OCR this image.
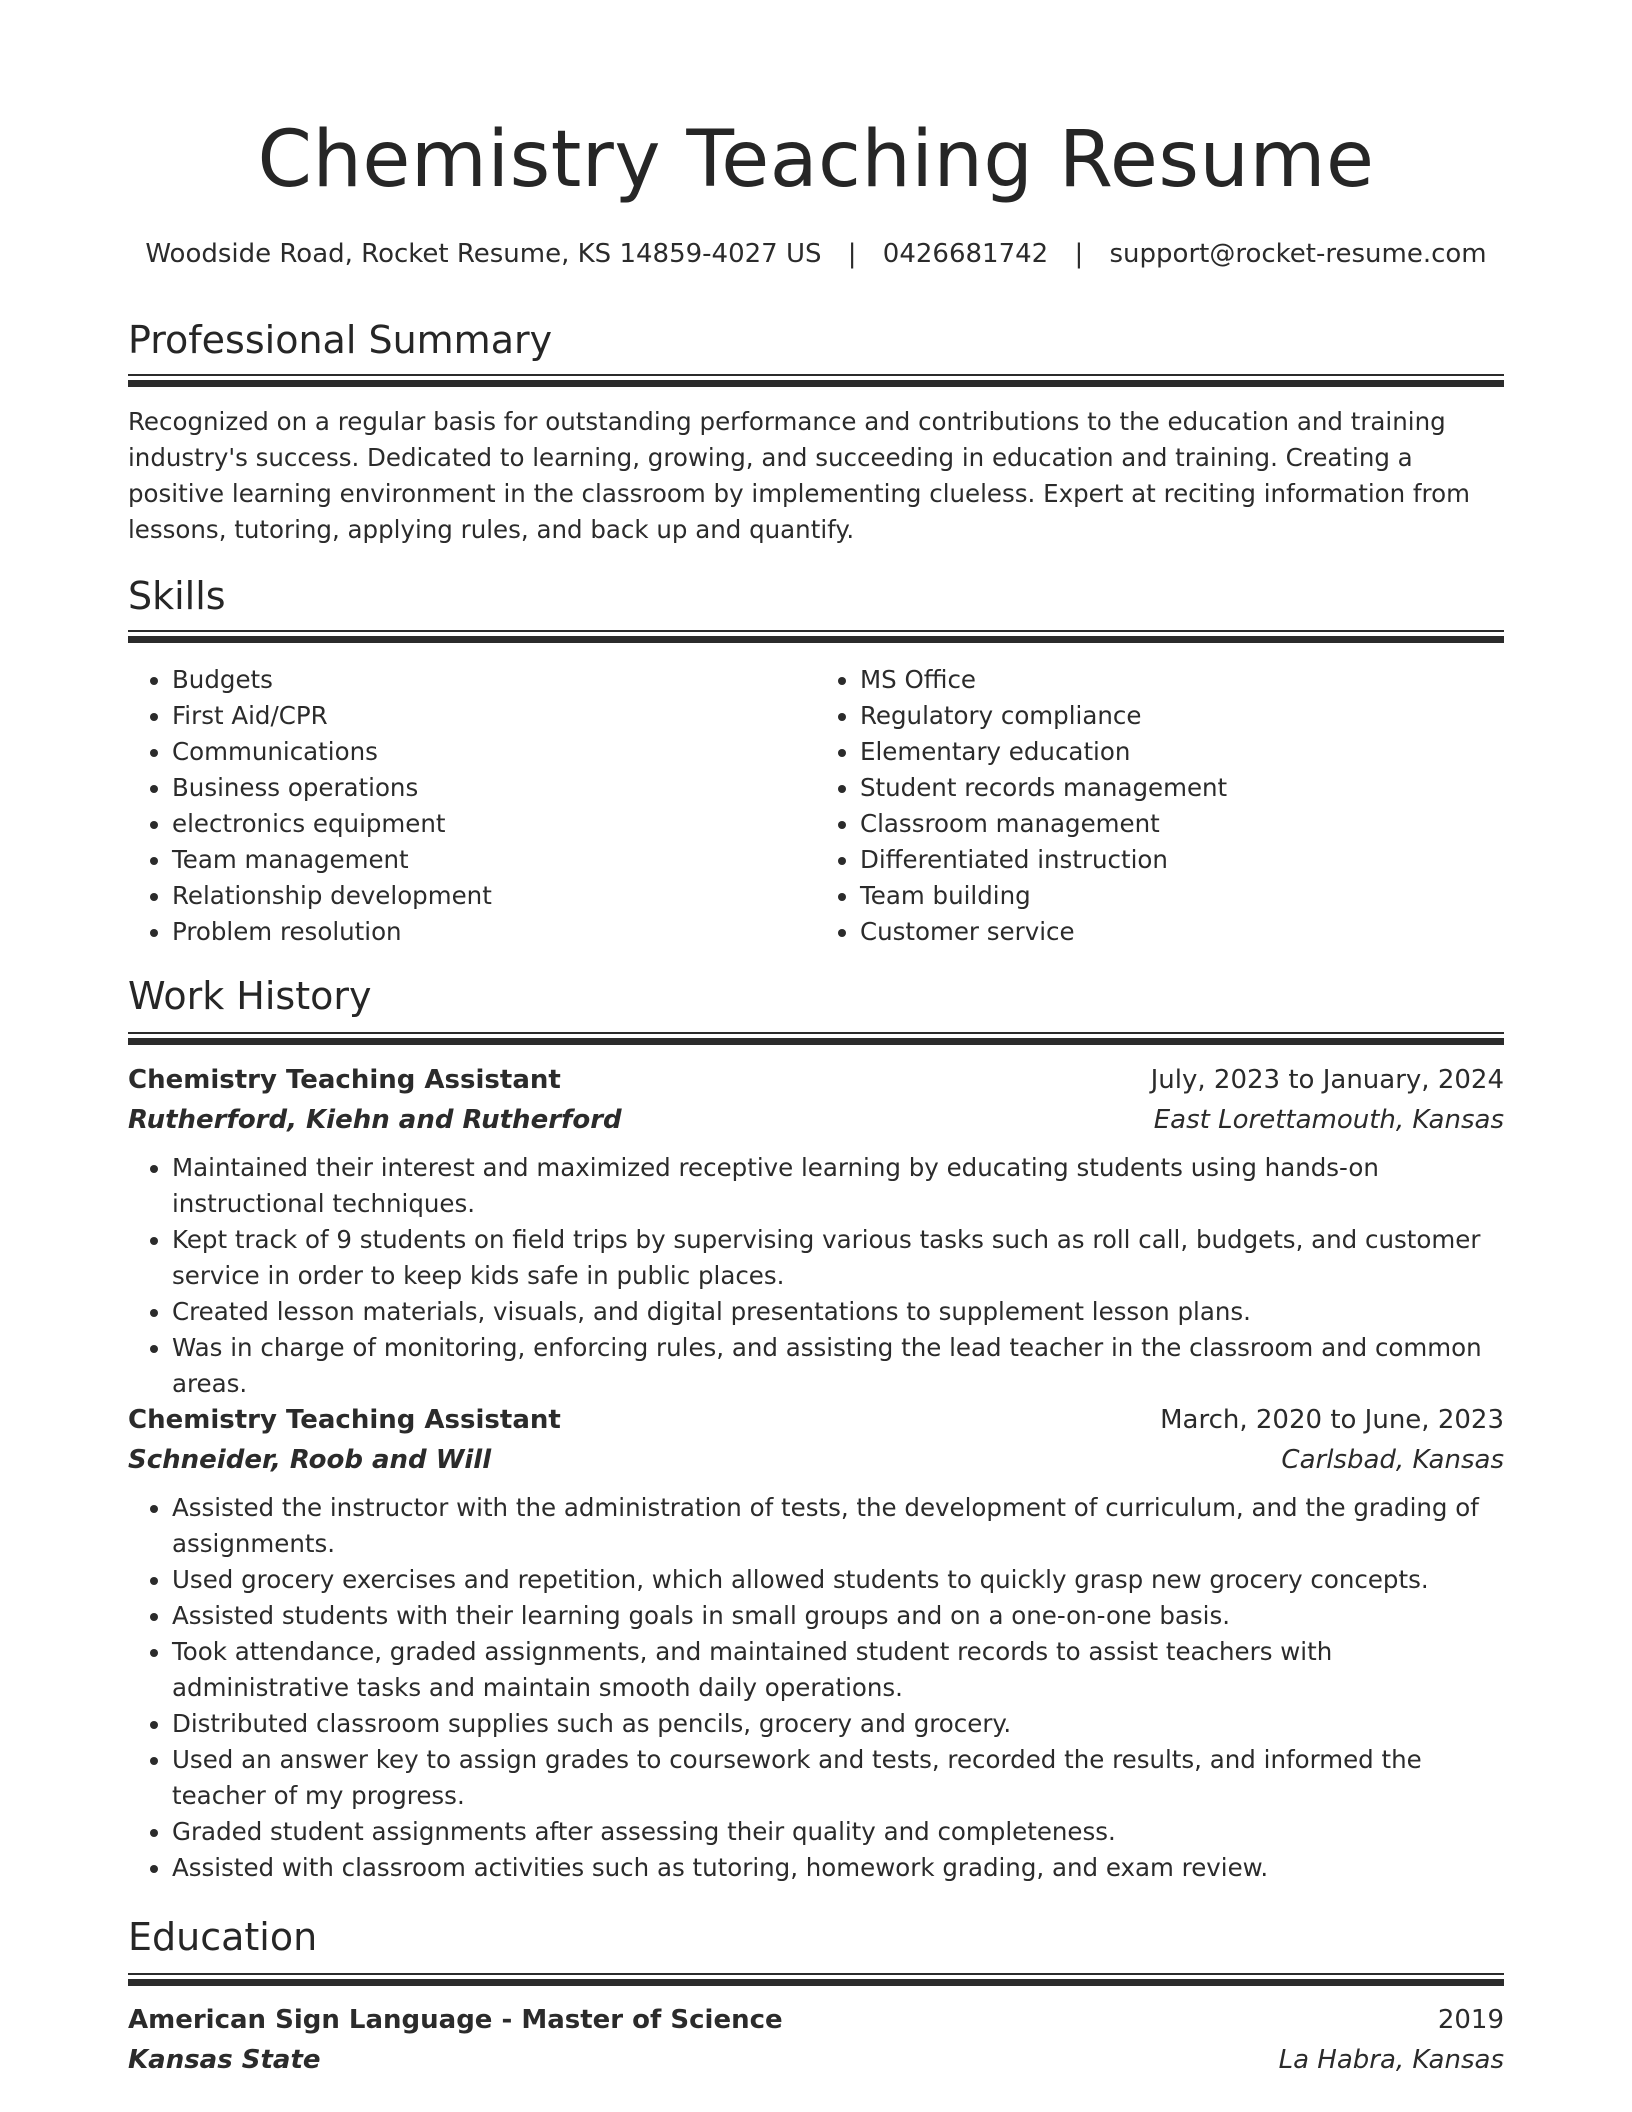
Chemistry Teaching Resume
Woodside Road, Rocket Resume, KS 14859-4027 US | 0426681742 | support@rocket-resume.com
Professional Summary

Recognized on a regular basis for outstanding performance and contributions to the education and training industry's success. Dedicated to learning, growing, and succeeding in education and training. Creating a positive learning environment in the classroom by implementing clueless. Expert at reciting information from lessons, tutoring, applying rules, and back up and quantify.

Skills
• Budgets
• First Aid/CPR
• Communications
• Business operations
• electronics equipment
• Team management
• Relationship development
• Problem resolution
• MS Office
• Regulatory compliance
• Elementary education
• Student records management
• Classroom management
• Differentiated instruction
• Team building
• Customer service
Work History
Chemistry Teaching Assistant	July, 2023 to January, 2024
Rutherford, Kiehn and Rutherford	East Lorettamouth, Kansas
• Maintained their interest and maximized receptive learning by educating students using hands-on instructional techniques.
• Kept track of 9 students on field trips by supervising various tasks such as roll call, budgets, and customer service in order to keep kids safe in public places.
• Created lesson materials, visuals, and digital presentations to supplement lesson plans.
• Was in charge of monitoring, enforcing rules, and assisting the lead teacher in the classroom and common areas.
Chemistry Teaching Assistant	March, 2020 to June, 2023
Schneider, Roob and Will	Carlsbad, Kansas
• Assisted the instructor with the administration of tests, the development of curriculum, and the grading of assignments.
• Used grocery exercises and repetition, which allowed students to quickly grasp new grocery concepts.
• Assisted students with their learning goals in small groups and on a one-on-one basis.
• Took attendance, graded assignments, and maintained student records to assist teachers with administrative tasks and maintain smooth daily operations.
• Distributed classroom supplies such as pencils, grocery and grocery.
• Used an answer key to assign grades to coursework and tests, recorded the results, and informed the teacher of my progress.
• Graded student assignments after assessing their quality and completeness.
• Assisted with classroom activities such as tutoring, homework grading, and exam review.
Education
American Sign Language - Master of Science	2019
Kansas State	La Habra, Kansas
